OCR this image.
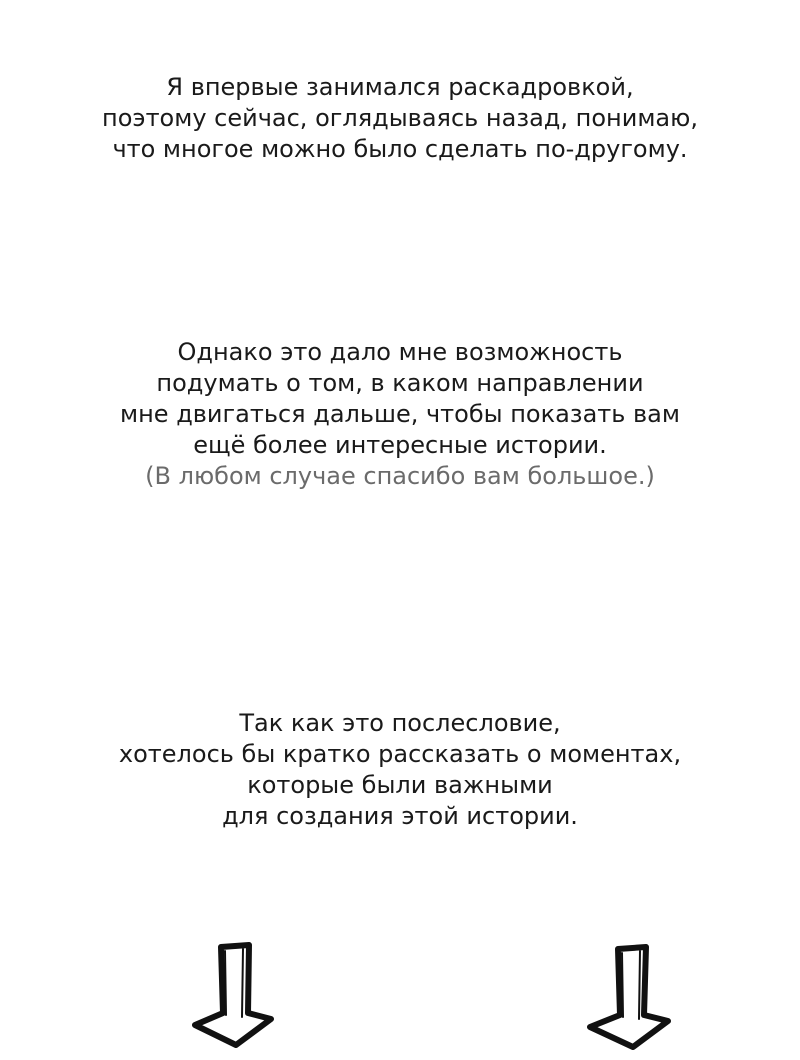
Я впервые занимался раскадровкой,
поэтому сейчас, оглядываясь назад, понимаю,
что многое можно было сделать по-другому.
Однако это дало мне возможность
подумать о том, в каком направлении
мне двигаться дальше, чтобы показать вам
ещё более интересные истории.
(В любом случае спасибо вам большое.)
Так как это послесловие,
хотелось бы кратко рассказать о моментах,
которые были важными
для создания этой истории.
